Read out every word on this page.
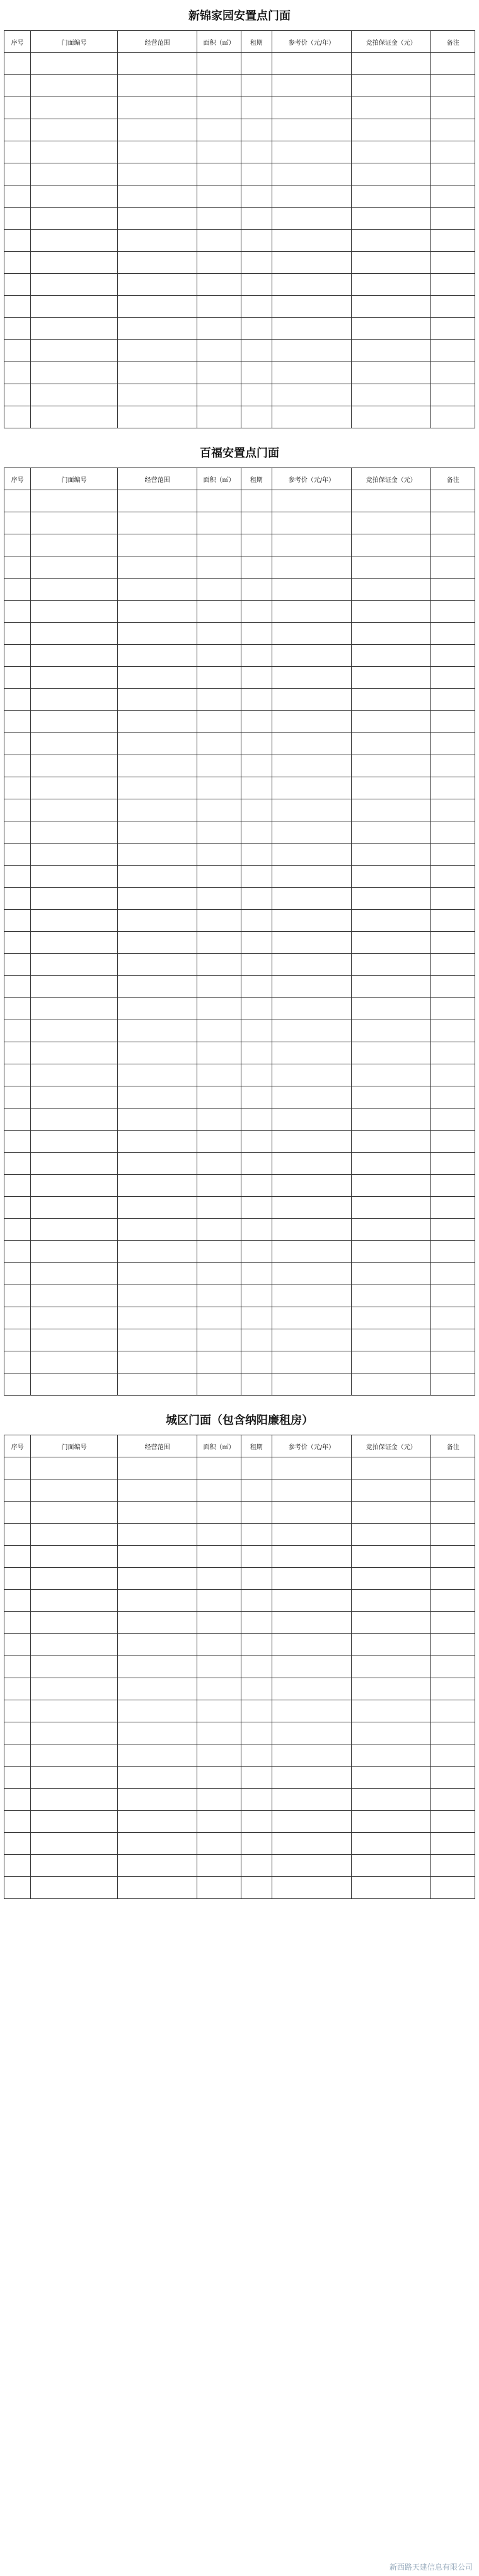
新锦家园安置点门面
序号	门面编号	经营范围	面积（㎡）	租期	参考价（元/年）	竞拍保证金（元）	备注

百福安置点门面
序号	门面编号	经营范围	面积（㎡）	租期	参考价（元/年）	竞拍保证金（元）	备注

城区门面（包含纳阳廉租房）
序号	门面编号	经营范围	面积（㎡）	租期	参考价（元/年）	竞拍保证金（元）	备注

新西路天建信息有限公司
